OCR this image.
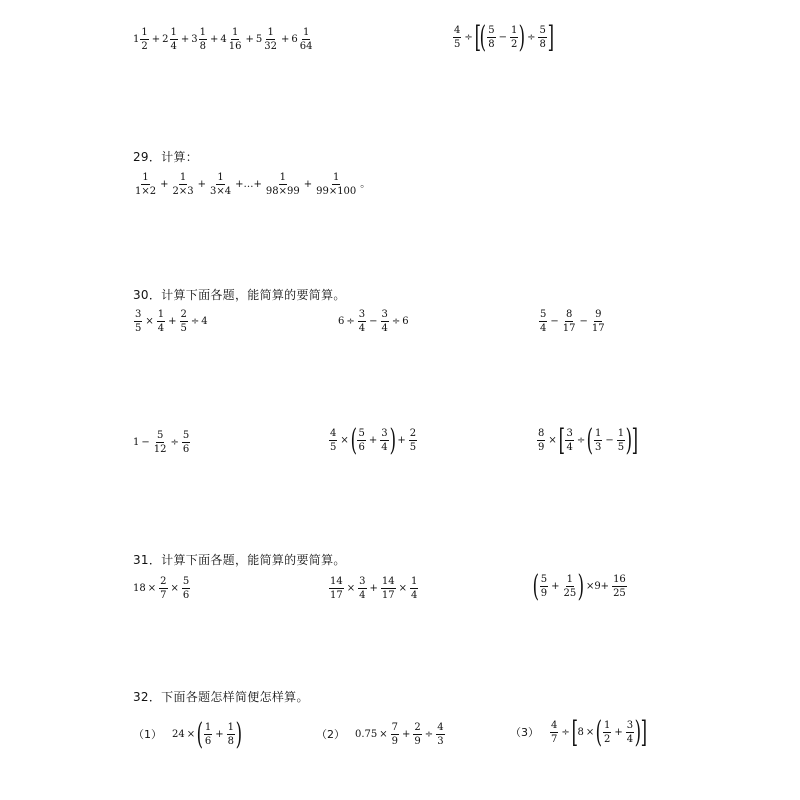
$1 \frac{1}{2} + 2 \frac{1}{4} + 3 \frac{1}{8} + 4 \frac{1}{16} + 5 \frac{1}{32} + 6 \frac{1}{64}$	$\frac{4}{5}$ ÷ [ ( $\frac{5}{8} - \frac{1}{2}$ ) ÷ $\frac{5}{8}$ ]
29．计算：
$\frac{1}{1\times 2} + \frac{1}{2\times 3} + \frac{1}{3\times 4}$ +…+ $\frac{1}{98\times 99} + \frac{1}{99\times 100}$ 。
30．计算下面各题，能简算的要简算。
$\frac{3}{5} \times \frac{1}{4} + \frac{2}{5} \div 4$	$6 \div \frac{3}{4} - \frac{3}{4} \div 6$	$\frac{5}{4} - \frac{8}{17} - \frac{9}{17}$
$1 - \frac{5}{12} \div \frac{5}{6}$	$\frac{4}{5}$ × ( $\frac{5}{6} + \frac{3}{4}$ ) + $\frac{2}{5}$	$\frac{8}{9}$ × [ $\frac{3}{4}$ ÷ ( $\frac{1}{3} - \frac{1}{5}$ ) ]
31．计算下面各题，能简算的要简算。
$18 \times \frac{2}{7} \times \frac{5}{6}$	$\frac{14}{17} \times \frac{3}{4} + \frac{14}{17} \times \frac{1}{4}$	( $\frac{5}{9} + \frac{1}{25}$ ) $\times 9+ \frac{16}{25}$
32．下面各题怎样简便怎样算。
（1） 24 × ( $\frac{1}{6} + \frac{1}{8}$ )	（2） $0.75 \times \frac{7}{9} + \frac{2}{9} \div \frac{4}{3}$	$(3) \frac{4}{7}$ ÷ [ 8 × ( $\frac{1}{2} + \frac{3}{4}$ ) ]
